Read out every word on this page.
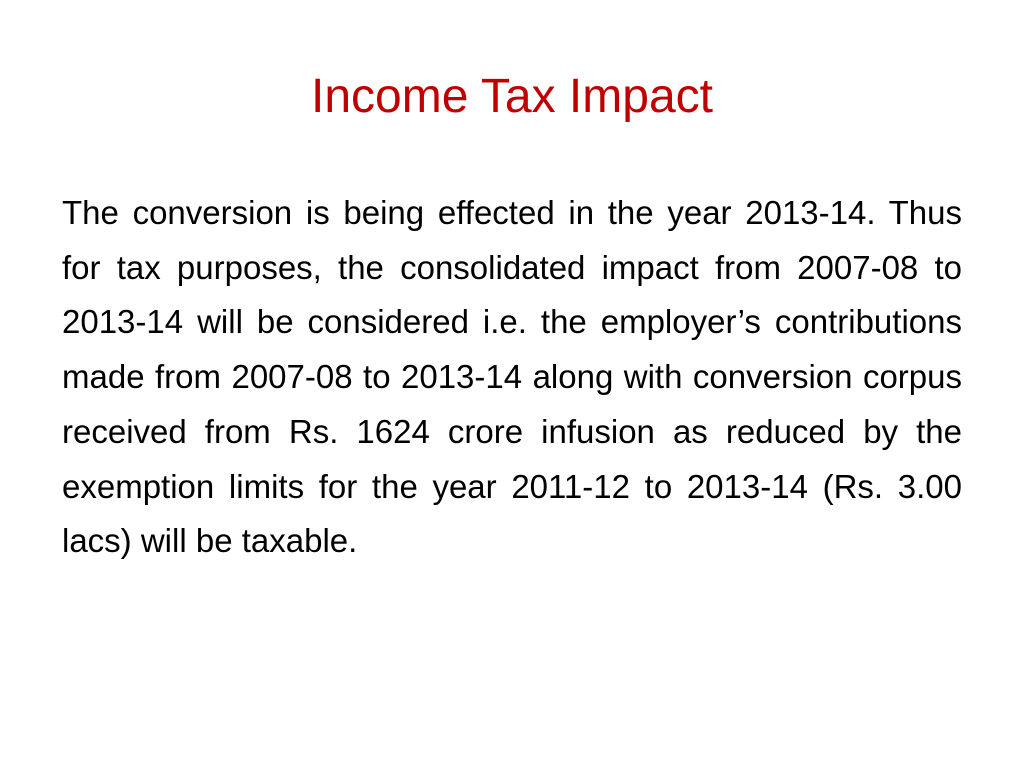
Income Tax Impact

The conversion is being effected in the year 2013-14. Thus for tax purposes, the consolidated impact from 2007-08 to 2013-14 will be considered i.e. the employer’s contributions made from 2007-08 to 2013-14 along with conversion corpus received from Rs. 1624 crore infusion as reduced by the exemption limits for the year 2011-12 to 2013-14 (Rs. 3.00 lacs) will be taxable.
